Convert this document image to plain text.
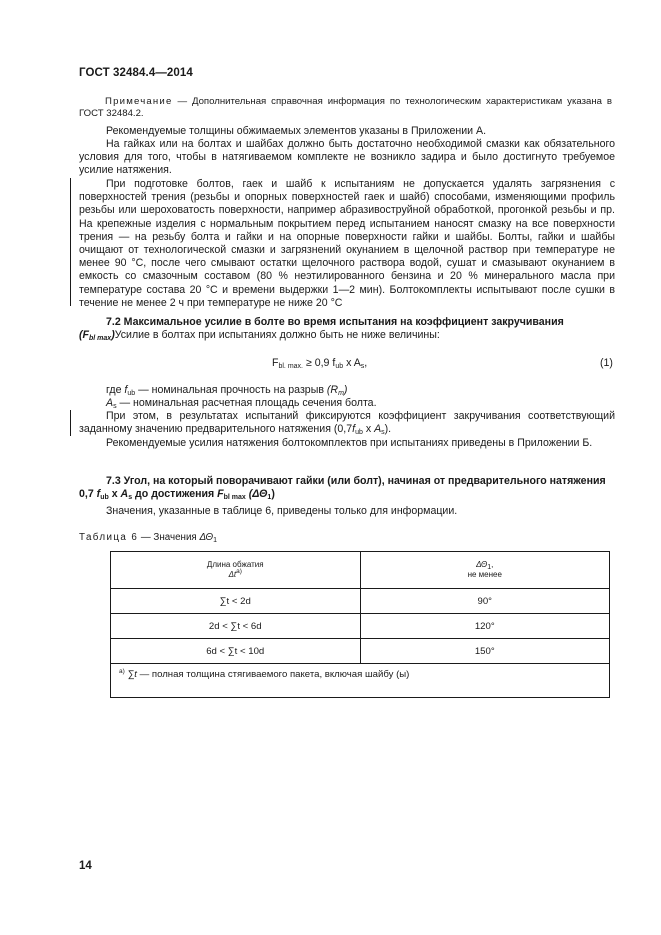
ГОСТ 32484.4—2014
Примечание — Дополнительная справочная информация по технологическим характеристикам указана в ГОСТ 32484.2.
Рекомендуемые толщины обжимаемых элементов указаны в Приложении А.
На гайках или на болтах и шайбах должно быть достаточно необходимой смазки как обязательного условия для того, чтобы в натягиваемом комплекте не возникло задира и было достигнуто требуемое усилие натяжения.
При подготовке болтов, гаек и шайб к испытаниям не допускается удалять загрязнения с поверхностей трения (резьбы и опорных поверхностей гаек и шайб) способами, изменяющими профиль резьбы или шероховатость поверхности, например абразивоструйной обработкой, прогонкой резьбы и пр. На крепежные изделия с нормальным покрытием перед испытанием наносят смазку на все поверхности трения — на резьбу болта и гайки и на опорные поверхности гайки и шайбы. Болты, гайки и шайбы очищают от технологической смазки и загрязнений окунанием в щелочной раствор при температуре не менее 90 °С, после чего смывают остатки щелочного раствора водой, сушат и смазывают окунанием в емкость со смазочным составом (80 % неэтилированного бензина и 20 % минерального масла при температуре состава 20 °С и времени выдержки 1—2 мин). Болтокомплекты испытывают после сушки в течение не менее 2 ч при температуре не ниже 20 °С
7.2 Максимальное усилие в болте во время испытания на коэффициент закручивания
$(F_{bl max})Усилие$ в болтах при испытаниях должно быть не ниже величины:
$F_{bl. max.} \ge 0,9$ $f_{ub}$ x $A_s$,	(1)
где $f_{ub}$ — номинальная прочность на разрыв $(R_m)$
$A_s$ — номинальная расчетная площадь сечения болта.
При этом, в результатах испытаний фиксируются коэффициент закручивания соответствующий заданному значению предварительного натяжения ($0,7f_{ub}$ x $A_s$).
Рекомендуемые усилия натяжения болтокомплектов при испытаниях приведены в Приложении Б.
7.3 Угол, на который поворачивают гайки (или болт), начиная от предварительного натяжения 0,7 $f_{ub}$ x $A_s$ до достижения $F_{bl max}$ $(\Delta\Theta_1)$
Значения, указанные в таблице 6, приведены только для информации.
Таблица 6 — Значения $\Delta\Theta_1$
Длина обжатия
$\Delta t^{a)}$	$\Delta\Theta_1$,
не менее
∑t < 2d	90°
2d < ∑t < 6d	120°
6d < ∑t < 10d	150°
$^{a)}$ ∑t — полная толщина стягиваемого пакета, включая шайбу (ы)	
14
